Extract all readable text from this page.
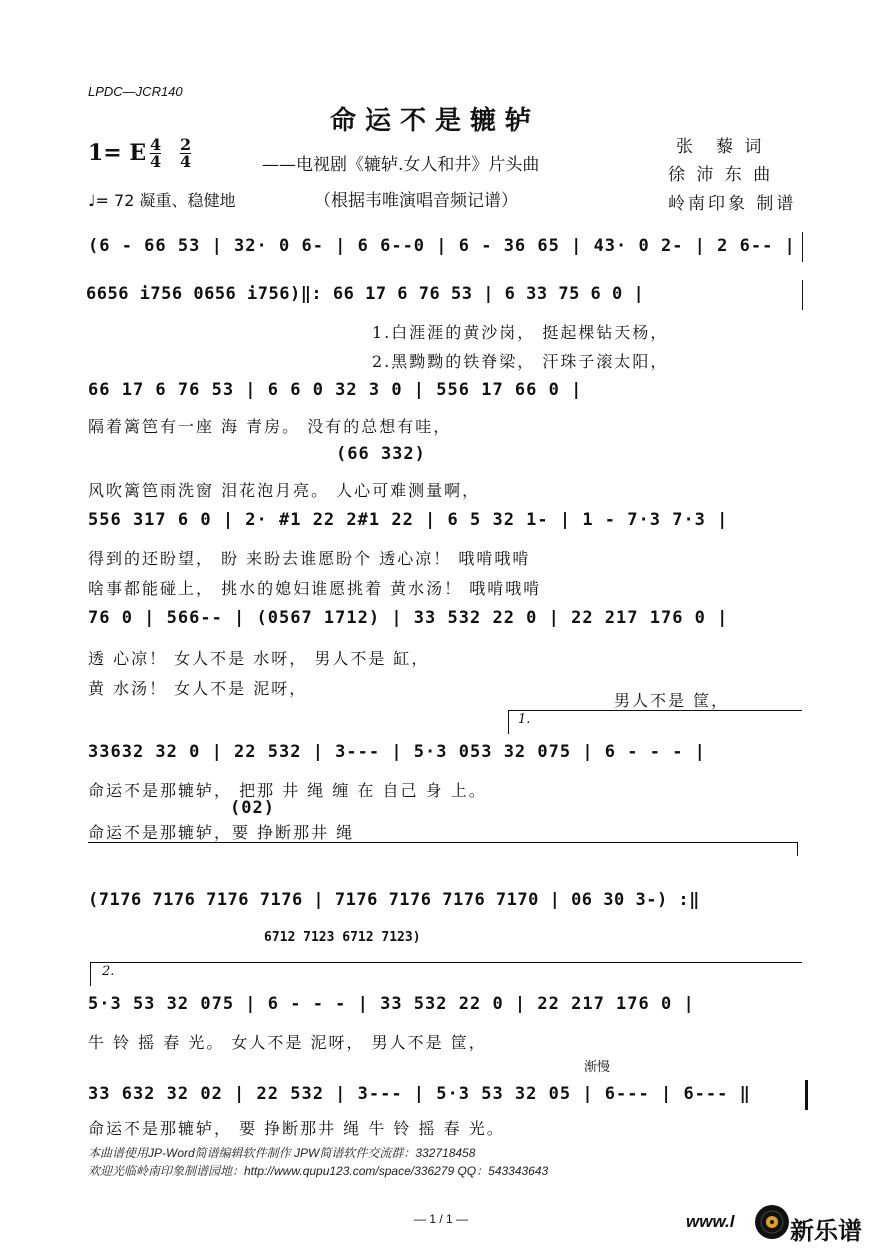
LPDC—JCR140
命运不是辘轳
1= E 4
4
2
4	——电视剧《辘轳.女人和井》片头曲
♩= 72 凝重、稳健地	（根据韦唯演唱音频记谱）
张　藜 词
徐 沛 东 曲
岭南印象 制谱
(6 - 66 53 | 32· 0 6- | 6 6--0 | 6 - 36 65 | 43· 0 2- | 2 6-- |
6656 i756 0656 i756)‖: 66 17 6 76 53 | 6 33 75 6 0 |
1.白涯涯的黄沙岗， 挺起棵钻天杨，
2.黑黝黝的铁脊梁， 汗珠子滚太阳，
66 17 6 76 53 | 6 6 0 32 3 0 | 556 17 66 0 |
隔着篱笆有一座 海 青房。 没有的总想有哇，
(66 332)
风吹篱笆雨洗窗 泪花泡月亮。 人心可难测量啊，
556 317 6 0 | 2· #1 22 2#1 22 | 6 5 32 1- | 1 - 7·3 7·3 |
得到的还盼望， 盼 来盼去谁愿盼个 透心凉！ 哦啃哦啃
啥事都能碰上， 挑水的媳妇谁愿挑着 黄水汤！ 哦啃哦啃
76 0 | 566-- | (0567 1712) | 33 532 22 0 | 22 217 176 0 |
透 心凉！ 女人不是 水呀， 男人不是 缸，
黄 水汤！ 女人不是 泥呀，
男人不是 筐，
1.
33632 32 0 | 22 532 | 3--- | 5·3 053 32 075 | 6 - - - |
命运不是那辘轳， 把那 井 绳 缠 在 自己 身 上。
(02)
命运不是那辘轳，要 挣断那井 绳
(7176 7176 7176 7176 | 7176 7176 7176 7170 | 06 30 3-) :‖
6712 7123 6712 7123)
2.
5·3 53 32 075 | 6 - - - | 33 532 22 0 | 22 217 176 0 |
牛 铃 摇 春 光。 女人不是 泥呀， 男人不是 筐，
渐慢
33 632 32 02 | 22 532 | 3--- | 5·3 53 32 05 | 6--- | 6--- ‖
命运不是那辘轳， 要 挣断那井 绳 牛 铃 摇 春 光。
本曲谱使用JP-Word简谱编辑软件制作 JPW简谱软件交流群：332718458
欢迎光临岭南印象制谱园地：http://www.qupu123.com/space/336279 QQ：543343643
— 1 / 1 —	www.l 新乐谱
